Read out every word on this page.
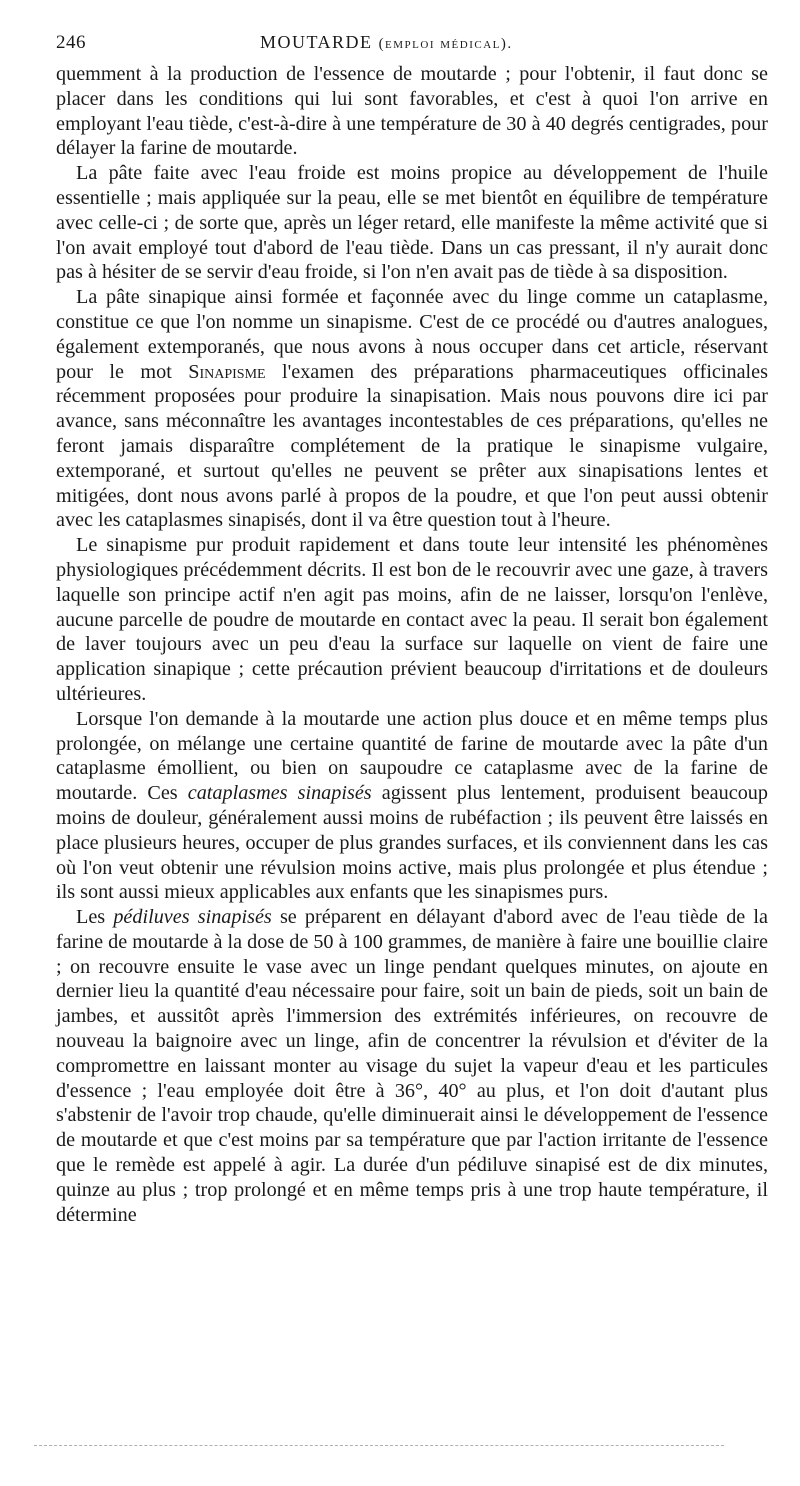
246	MOUTARDE (emploi médical).

quemment à la production de l'essence de moutarde ; pour l'obtenir, il faut donc se placer dans les conditions qui lui sont favorables, et c'est à quoi l'on arrive en employant l'eau tiède, c'est-à-dire à une température de 30 à 40 degrés centigrades, pour délayer la farine de moutarde.

La pâte faite avec l'eau froide est moins propice au développement de l'huile essentielle ; mais appliquée sur la peau, elle se met bientôt en équilibre de température avec celle-ci ; de sorte que, après un léger retard, elle manifeste la même activité que si l'on avait employé tout d'abord de l'eau tiède. Dans un cas pressant, il n'y aurait donc pas à hésiter de se servir d'eau froide, si l'on n'en avait pas de tiède à sa disposition.

La pâte sinapique ainsi formée et façonnée avec du linge comme un cataplasme, constitue ce que l'on nomme un sinapisme. C'est de ce procédé ou d'autres analogues, également extemporanés, que nous avons à nous occuper dans cet article, réservant pour le mot Sinapisme l'examen des préparations pharmaceutiques officinales récemment proposées pour produire la sinapisation. Mais nous pouvons dire ici par avance, sans méconnaître les avantages incontestables de ces préparations, qu'elles ne feront jamais disparaître complétement de la pratique le sinapisme vulgaire, extemporané, et surtout qu'elles ne peuvent se prêter aux sinapisations lentes et mitigées, dont nous avons parlé à propos de la poudre, et que l'on peut aussi obtenir avec les cataplasmes sinapisés, dont il va être question tout à l'heure.

Le sinapisme pur produit rapidement et dans toute leur intensité les phénomènes physiologiques précédemment décrits. Il est bon de le recouvrir avec une gaze, à travers laquelle son principe actif n'en agit pas moins, afin de ne laisser, lorsqu'on l'enlève, aucune parcelle de poudre de moutarde en contact avec la peau. Il serait bon également de laver toujours avec un peu d'eau la surface sur laquelle on vient de faire une application sinapique ; cette précaution prévient beaucoup d'irritations et de douleurs ultérieures.

Lorsque l'on demande à la moutarde une action plus douce et en même temps plus prolongée, on mélange une certaine quantité de farine de moutarde avec la pâte d'un cataplasme émollient, ou bien on saupoudre ce cataplasme avec de la farine de moutarde. Ces cataplasmes sinapisés agissent plus lentement, produisent beaucoup moins de douleur, généralement aussi moins de rubéfaction ; ils peuvent être laissés en place plusieurs heures, occuper de plus grandes surfaces, et ils conviennent dans les cas où l'on veut obtenir une révulsion moins active, mais plus prolongée et plus étendue ; ils sont aussi mieux applicables aux enfants que les sinapismes purs.

Les pédiluves sinapisés se préparent en délayant d'abord avec de l'eau tiède de la farine de moutarde à la dose de 50 à 100 grammes, de manière à faire une bouillie claire ; on recouvre ensuite le vase avec un linge pendant quelques minutes, on ajoute en dernier lieu la quantité d'eau nécessaire pour faire, soit un bain de pieds, soit un bain de jambes, et aussitôt après l'immersion des extrémités inférieures, on recouvre de nouveau la baignoire avec un linge, afin de concentrer la révulsion et d'éviter de la compromettre en laissant monter au visage du sujet la vapeur d'eau et les particules d'essence ; l'eau employée doit être à 36°, 40° au plus, et l'on doit d'autant plus s'abstenir de l'avoir trop chaude, qu'elle diminuerait ainsi le développement de l'essence de moutarde et que c'est moins par sa température que par l'action irritante de l'essence que le remède est appelé à agir. La durée d'un pédiluve sinapisé est de dix minutes, quinze au plus ; trop prolongé et en même temps pris à une trop haute température, il détermine
